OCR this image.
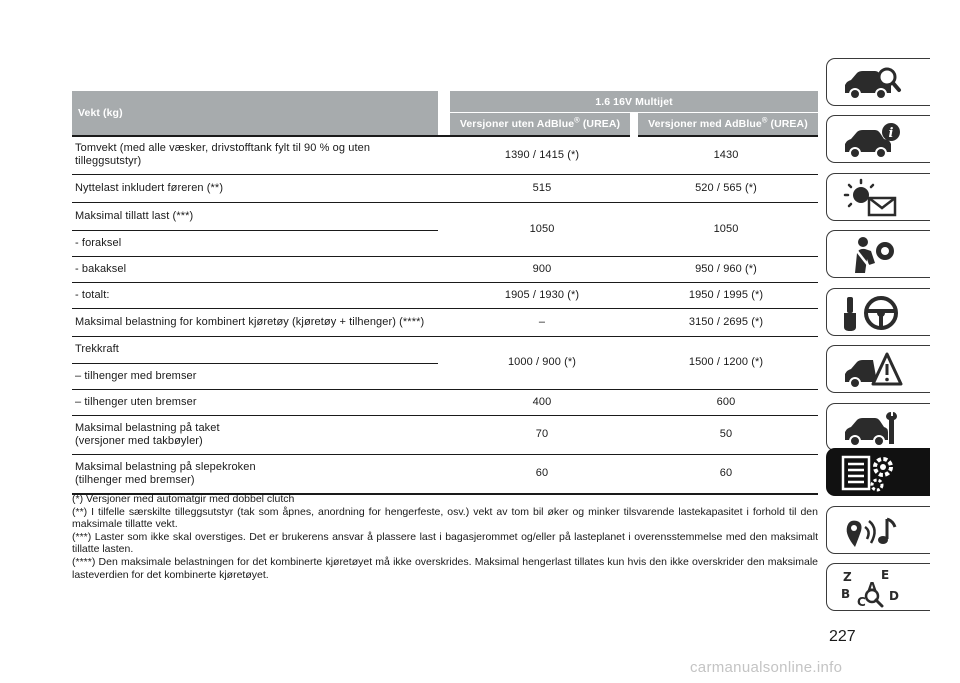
Vekt (kg)		1.6 16V Multijet	
		Versjoner uten AdBlue® (UREA)	Versjoner med AdBlue® (UREA)
Tomvekt (med alle væsker, drivstofftank fylt til 90 % og uten tilleggsutstyr)		1390 / 1415 (*)	1430
Nyttelast inkludert føreren (**)		515	520 / 565 (*)
Maksimal tillatt last (***)		1050	1050
- foraksel			
- bakaksel		900	950 / 960 (*)
- totalt:		1905 / 1930 (*)	1950 / 1995 (*)
Maksimal belastning for kombinert kjøretøy (kjøretøy + tilhenger) (****)		–	3150 / 2695 (*)
Trekkraft		1000 / 900 (*)	1500 / 1200 (*)
– tilhenger med bremser			
– tilhenger uten bremser		400	600
Maksimal belastning på taket
(versjoner med takbøyler)		70	50
Maksimal belastning på slepekroken
(tilhenger med bremser)		60	60

(*) Versjoner med automatgir med dobbel clutch

(**) I tilfelle særskilte tilleggsutstyr (tak som åpnes, anordning for hengerfeste, osv.) vekt av tom bil øker og minker tilsvarende lastekapasitet i forhold til den maksimale tillatte vekt.

(***) Laster som ikke skal overstiges. Det er brukerens ansvar å plassere last i bagasjerommet og/eller på lasteplanet i overensstemmelse med den maksimalt tillatte lasten.

(****) Den maksimale belastningen for det kombinerte kjøretøyet må ikke overskrides. Maksimal hengerlast tillates kun hvis den ikke overskrider den maksimale lasteverdien for det kombinerte kjøretøyet.

227
carmanualsonline.info
i
Z E
B A
C D
